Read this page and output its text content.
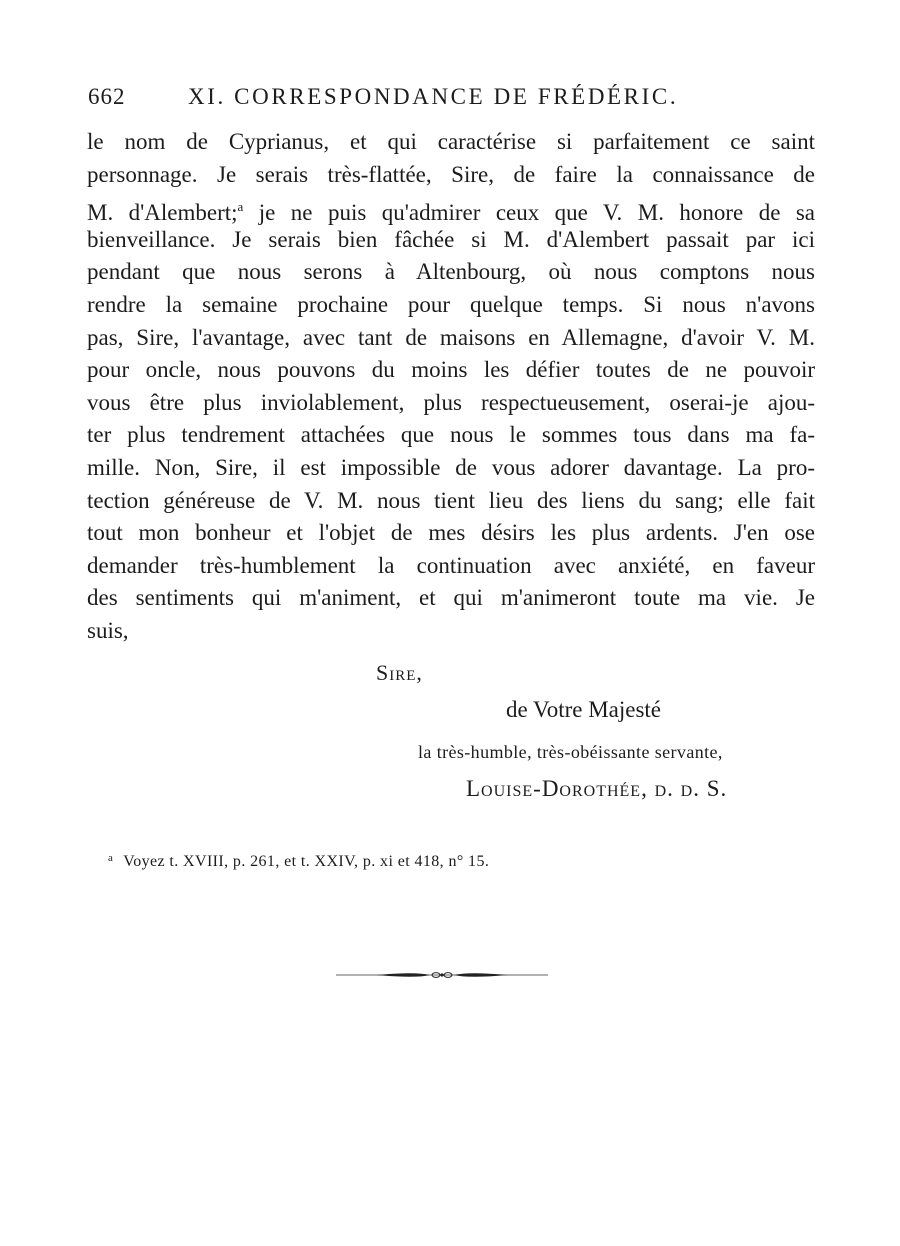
662	XI. CORRESPONDANCE DE FRÉDÉRIC.
le nom de Cyprianus, et qui caractérise si parfaitement ce saint
personnage. Je serais très-flattée, Sire, de faire la connaissance de
M. d'Alembert;$^a$ je ne puis qu'admirer ceux que V. M. honore de sa
bienveillance. Je serais bien fâchée si M. d'Alembert passait par ici
pendant que nous serons à Altenbourg, où nous comptons nous
rendre la semaine prochaine pour quelque temps. Si nous n'avons
pas, Sire, l'avantage, avec tant de maisons en Allemagne, d'avoir V. M.
pour oncle, nous pouvons du moins les défier toutes de ne pouvoir
vous être plus inviolablement, plus respectueusement, oserai-je ajou-
ter plus tendrement attachées que nous le sommes tous dans ma fa-
mille. Non, Sire, il est impossible de vous adorer davantage. La pro-
tection généreuse de V. M. nous tient lieu des liens du sang; elle fait
tout mon bonheur et l'objet de mes désirs les plus ardents. J'en ose
demander très-humblement la continuation avec anxiété, en faveur
des sentiments qui m'animent, et qui m'animeront toute ma vie. Je
suis,
Sire,
de Votre Majesté
la très-humble, très-obéissante servante,
Louise-Dorothée, d. d. S.
$^a$ Voyez t. XVIII, p. 261, et t. XXIV, p. xi et 418, n° 15.
